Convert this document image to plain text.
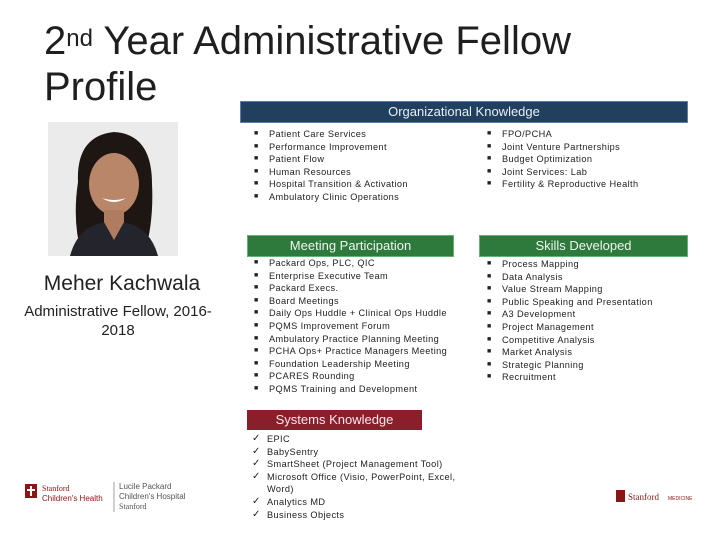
2nd Year Administrative Fellow
Profile
Organizational Knowledge
■ Patient Care Services
■ Performance Improvement
■ Patient Flow
■ Human Resources
■ Hospital Transition & Activation
■ Ambulatory Clinic Operations
■ FPO/PCHA
■ Joint Venture Partnerships
■ Budget Optimization
■ Joint Services: Lab
■ Fertility & Reproductive Health
Meher Kachwala
Administrative Fellow, 2016-2018
Meeting Participation	Skills Developed
■ Packard Ops, PLC, QIC
■ Enterprise Executive Team
■ Packard Execs.
■ Board Meetings
■ Daily Ops Huddle + Clinical Ops Huddle
■ PQMS Improvement Forum
■ Ambulatory Practice Planning Meeting
■ PCHA Ops+ Practice Managers Meeting
■ Foundation Leadership Meeting
■ PCARES Rounding
■ PQMS Training and Development
■ Process Mapping
■ Data Analysis
■ Value Stream Mapping
■ Public Speaking and Presentation
■ A3 Development
■ Project Management
■ Competitive Analysis
■ Market Analysis
■ Strategic Planning
■ Recruitment
Systems Knowledge
✓ EPIC
✓ BabySentry
✓ SmartSheet (Project Management Tool)
✓ Microsoft Office (Visio, PowerPoint, Excel, Word)
✓ Analytics MD
✓ Business Objects
Stanford
Children's Health
Lucile Packard
Children's Hospital
Stanford
Stanford MEDICINE
